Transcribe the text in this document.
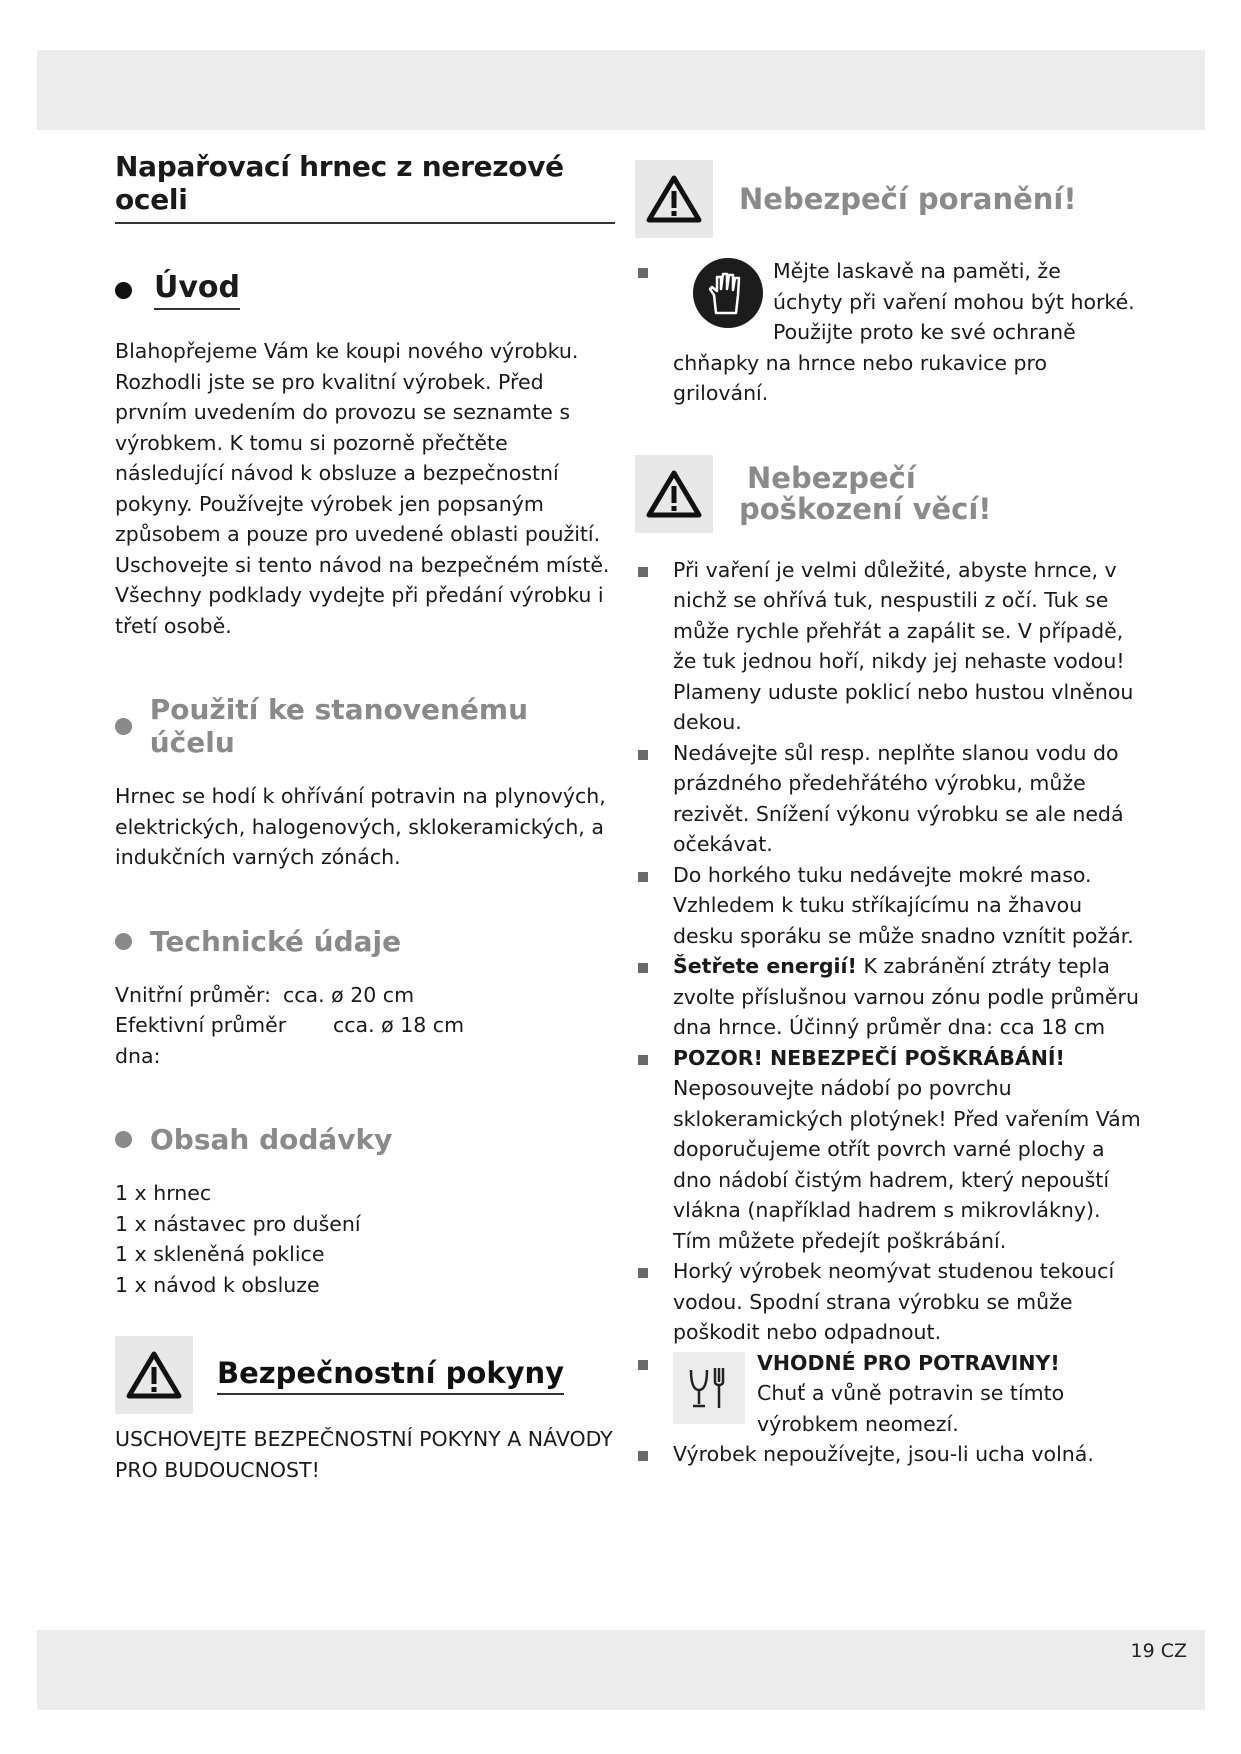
Napařovací hrnec z nerezové oceli
Úvod

Blahopřejeme Vám ke koupi nového výrobku. Rozhodli jste se pro kvalitní výrobek. Před prvním uvedením do provozu se seznamte s výrobkem. K tomu si pozorně přečtěte následující návod k obsluze a bezpečnostní pokyny. Používejte výrobek jen popsaným způsobem a pouze pro uvedené oblasti použití. Uschovejte si tento návod na bezpečném místě. Všechny podklady vydejte při předání výrobku i třetí osobě.

Použití ke stanovenému účelu

Hrnec se hodí k ohřívání potravin na plynových, elektrických, halogenových, sklokeramických, a indukčních varných zónách.

Technické údaje
Vnitřní průměr: cca. ø 20 cm
Efektivní průměr dna:
cca. ø 18 cm
Obsah dodávky
1 x hrnec
1 x nástavec pro dušení
1 x skleněná poklice
1 x návod k obsluze
Bezpečnostní pokyny

USCHOVEJTE BEZPEČNOSTNÍ POKYNY A NÁVODY PRO BUDOUCNOST!

Nebezpečí poranění!
Mějte laskavě na paměti, že úchyty při vaření mohou být horké. Použijte proto ke své ochraně chňapky na hrnce nebo rukavice pro grilování.
Nebezpečí
poškození věcí!
Při vaření je velmi důležité, abyste hrnce, v nichž se ohřívá tuk, nespustili z očí. Tuk se může rychle přehřát a zapálit se. V případě, že tuk jednou hoří, nikdy jej nehaste vodou! Plameny uduste poklicí nebo hustou vlněnou dekou.
Nedávejte sůl resp. neplňte slanou vodu do prázdného předehřátého výrobku, může rezivět. Snížení výkonu výrobku se ale nedá očekávat.
Do horkého tuku nedávejte mokré maso. Vzhledem k tuku stříkajícímu na žhavou desku sporáku se může snadno vznítit požár.
Šetřete energií! K zabránění ztráty tepla zvolte příslušnou varnou zónu podle průměru dna hrnce. Účinný průměr dna: cca 18 cm
POZOR! NEBEZPEČÍ POŠKRÁBÁNÍ!
Neposouvejte nádobí po povrchu sklokeramických plotýnek! Před vařením Vám doporučujeme otřít povrch varné plochy a dno nádobí čistým hadrem, který nepouští vlákna (například hadrem s mikrovlákny). Tím můžete předejít poškrábání.
Horký výrobek neomývat studenou tekoucí vodou. Spodní strana výrobku se může poškodit nebo odpadnout.
VHODNÉ PRO POTRAVINY!
Chuť a vůně potravin se tímto výrobkem neomezí.
Výrobek nepoužívejte, jsou-li ucha volná.
19 CZ
